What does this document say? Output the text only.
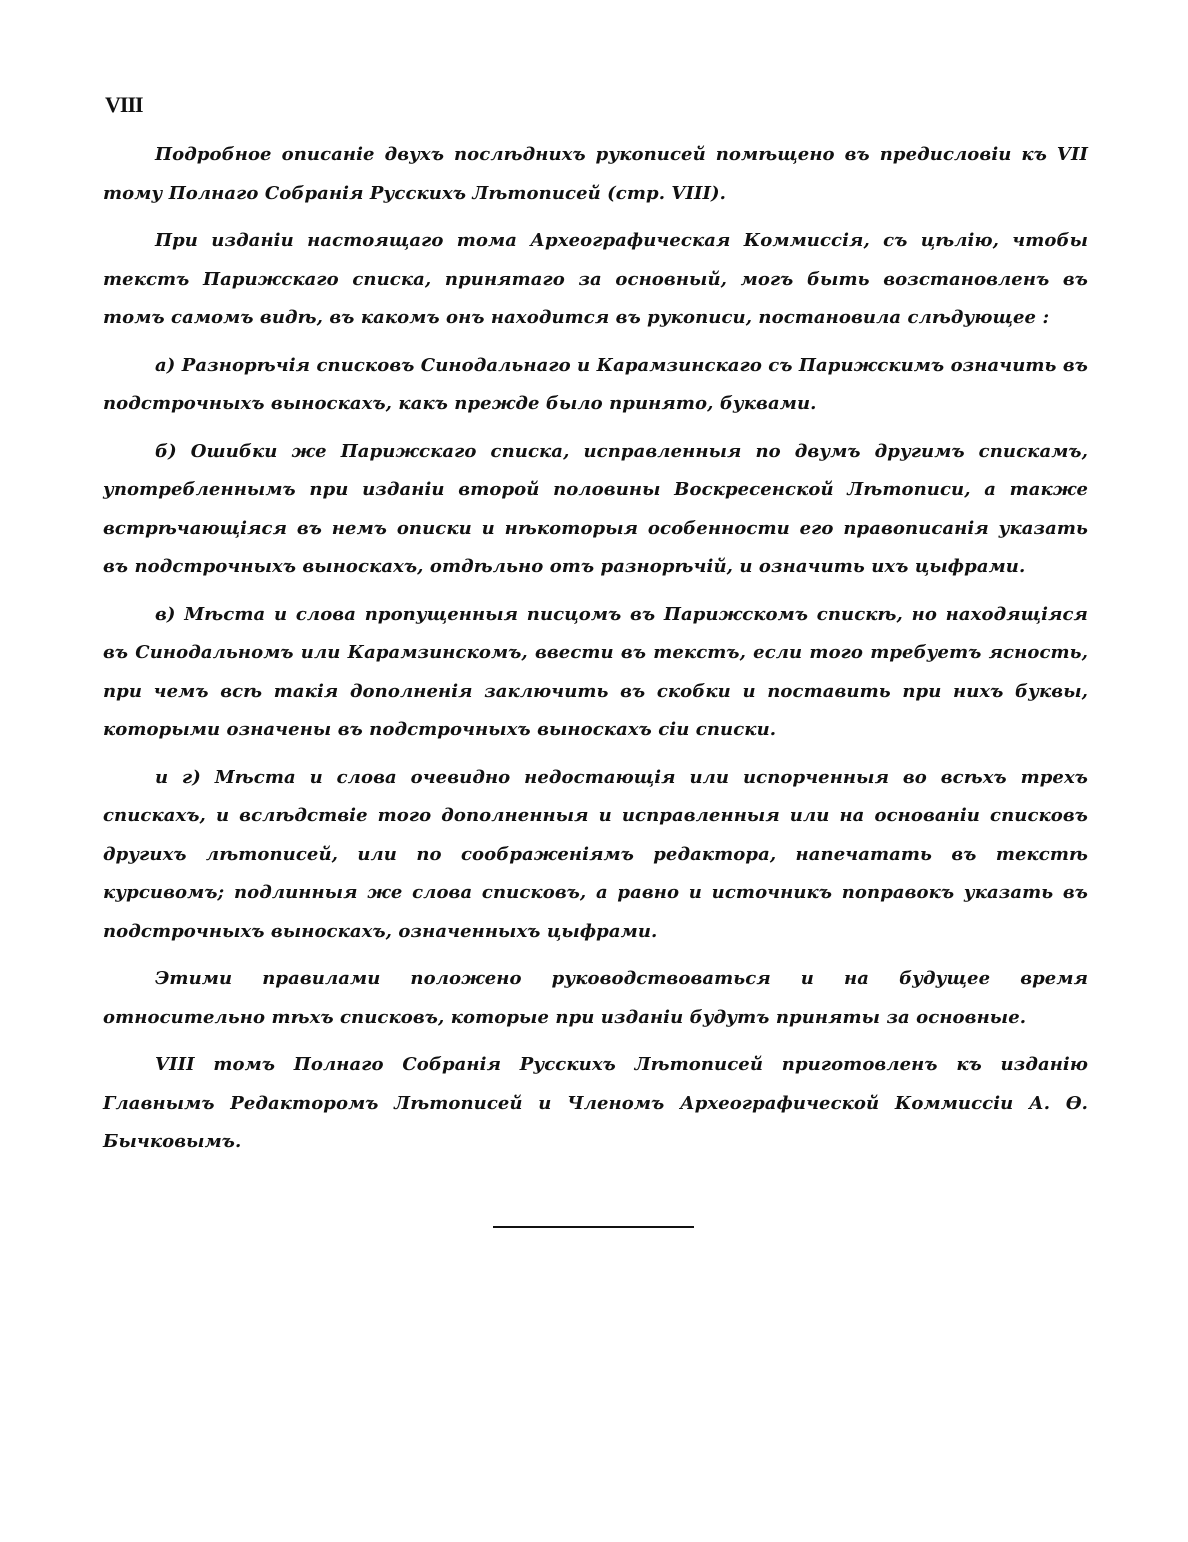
VIII

Подробное описаніе двухъ послѣднихъ рукописей помѣщено въ предисловіи къ VII тому Полнаго Собранія Русскихъ Лѣтописей (стр. VIII).

При изданіи настоящаго тома Археографическая Коммиссія, съ цѣлію, чтобы текстъ Парижскаго списка, принятаго за основный, могъ быть возстановленъ въ томъ самомъ видѣ, въ какомъ онъ находится въ рукописи, постановила слѣдующее :

а) Разнорѣчія списковъ Синодальнаго и Карамзинскаго съ Парижскимъ означить въ подстрочныхъ выноскахъ, какъ прежде было принято, буквами.

б) Ошибки же Парижскаго списка, исправленныя по двумъ другимъ спискамъ, употребленнымъ при изданіи второй половины Воскресенской Лѣтописи, а также встрѣчающіяся въ немъ описки и нѣкоторыя особенности его правописанія указать въ подстрочныхъ выноскахъ, отдѣльно отъ разнорѣчій, и означить ихъ цыфрами.

в) Мѣста и слова пропущенныя писцомъ въ Парижскомъ спискѣ, но находящіяся въ Синодальномъ или Карамзинскомъ, ввести въ текстъ, если того требуетъ ясность, при чемъ всѣ такія дополненія заключить въ скобки и поставить при нихъ буквы, которыми означены въ подстрочныхъ выноскахъ сіи списки.

и г) Мѣста и слова очевидно недостающія или испорченныя во всѣхъ трехъ спискахъ, и вслѣдствіе того дополненныя и исправленныя или на основаніи списковъ другихъ лѣтописей, или по соображеніямъ редактора, напечатать въ текстѣ курсивомъ; подлинныя же слова списковъ, а равно и источникъ поправокъ указать въ подстрочныхъ выноскахъ, означенныхъ цыфрами.

Этими правилами положено руководствоваться и на будущее время относительно тѣхъ списковъ, которые при изданіи будутъ приняты за основные.

VIII томъ Полнаго Собранія Русскихъ Лѣтописей приготовленъ къ изданію Главнымъ Редакторомъ Лѣтописей и Членомъ Археографической Коммиссіи А. Ѳ. Бычковымъ.
